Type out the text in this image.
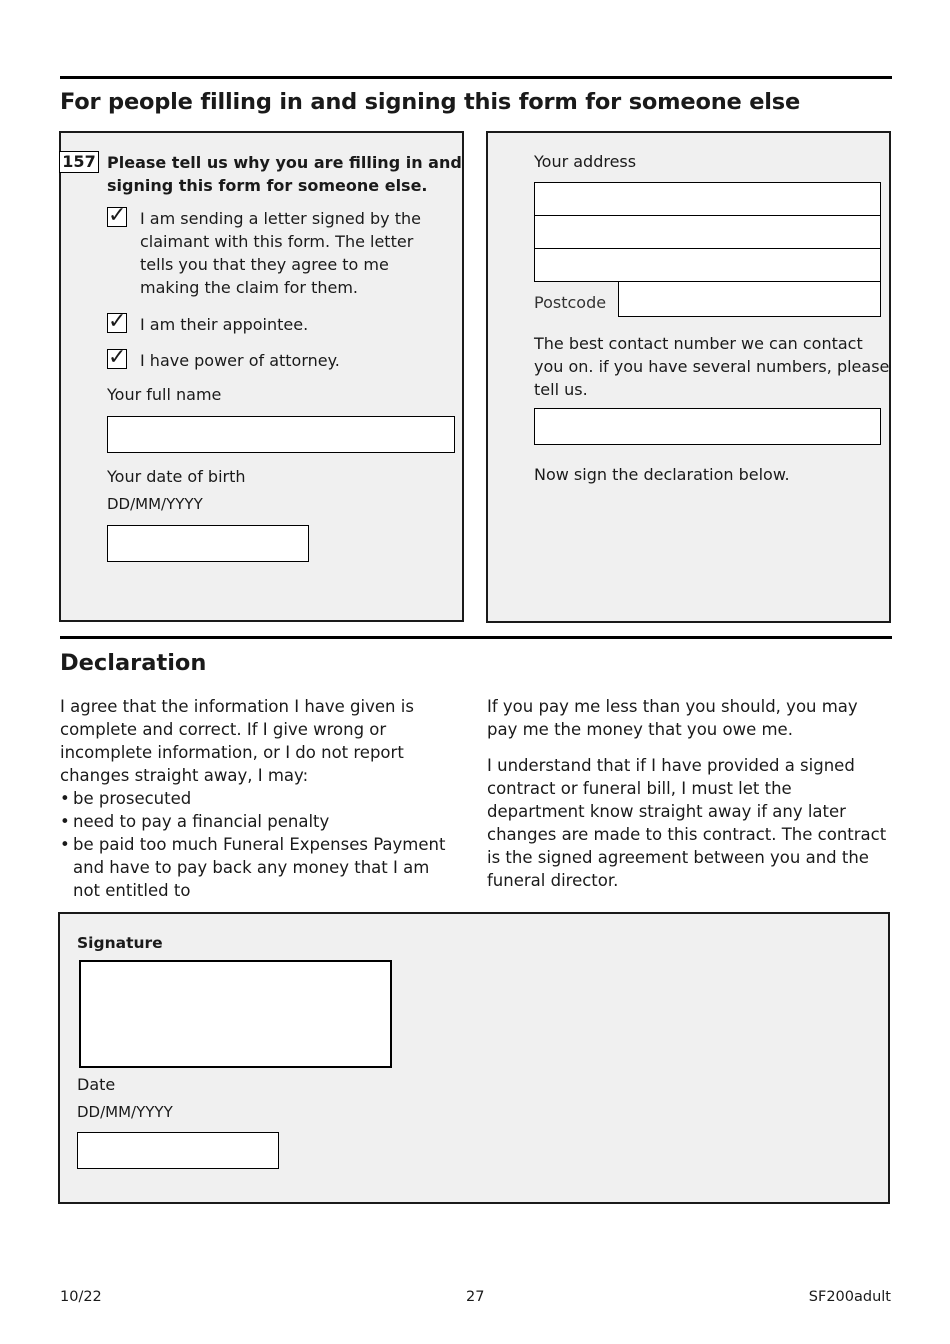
For people filling in and signing this form for someone else
157 Please tell us why you are filling in and signing this form for someone else.

✓ I am sending a letter signed by the claimant with this form. The letter tells you that they agree to me making the claim for them.

✓ I am their appointee.

✓ I have power of attorney.

Your full name

Your date of birth

DD/MM/YYYY

Your address

Postcode

The best contact number we can contact you on. if you have several numbers, please tell us.

Now sign the declaration below.

Declaration

I agree that the information I have given is complete and correct. If I give wrong or incomplete information, or I do not report changes straight away, I may:

• be prosecuted
• need to pay a financial penalty
• be paid too much Funeral Expenses Payment and have to pay back any money that I am not entitled to

If you pay me less than you should, you may pay me the money that you owe me.

I understand that if I have provided a signed contract or funeral bill, I must let the department know straight away if any later changes are made to this contract. The contract is the signed agreement between you and the funeral director.

Signature

Date

DD/MM/YYYY

10/22	27	SF200adult
